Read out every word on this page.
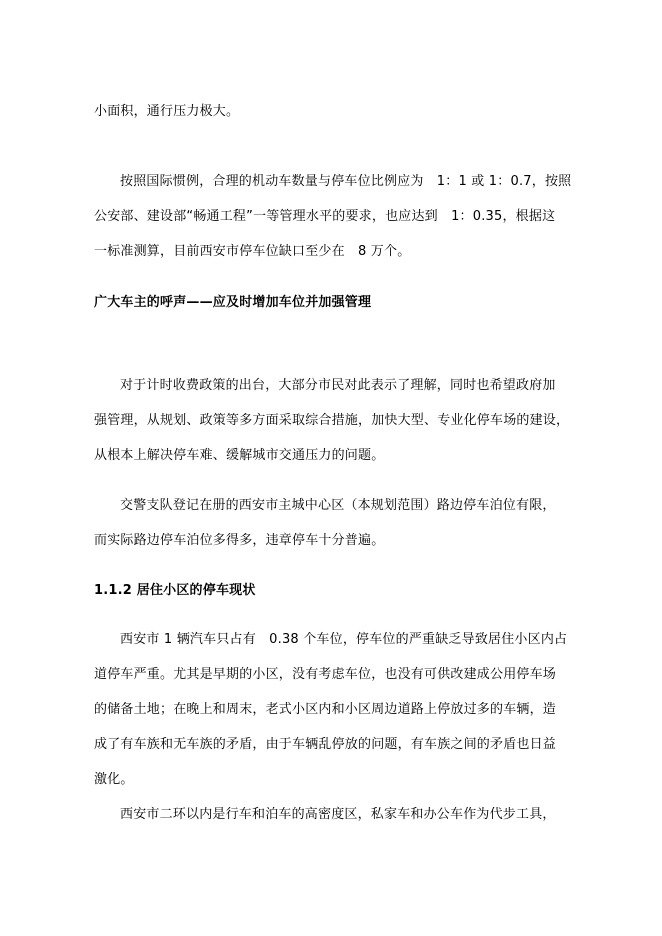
小面积，通行压力极大。
按照国际惯例，合理的机动车数量与停车位比例应为　1：1 或 1：0.7，按照
公安部、建设部“畅通工程”一等管理水平的要求，也应达到　1：0.35，根据这
一标准测算，目前西安市停车位缺口至少在　8 万个。
广大车主的呼声——应及时增加车位并加强管理
对于计时收费政策的出台，大部分市民对此表示了理解，同时也希望政府加
强管理，从规划、政策等多方面采取综合措施，加快大型、专业化停车场的建设，
从根本上解决停车难、缓解城市交通压力的问题。
交警支队登记在册的西安市主城中心区（本规划范围）路边停车泊位有限，
而实际路边停车泊位多得多，违章停车十分普遍。
1.1.2 居住小区的停车现状
西安市 1 辆汽车只占有　0.38 个车位，停车位的严重缺乏导致居住小区内占
道停车严重。尤其是早期的小区，没有考虑车位，也没有可供改建成公用停车场
的储备土地；在晚上和周末，老式小区内和小区周边道路上停放过多的车辆，造
成了有车族和无车族的矛盾，由于车辆乱停放的问题，有车族之间的矛盾也日益
激化。
西安市二环以内是行车和泊车的高密度区，私家车和办公车作为代步工具，
